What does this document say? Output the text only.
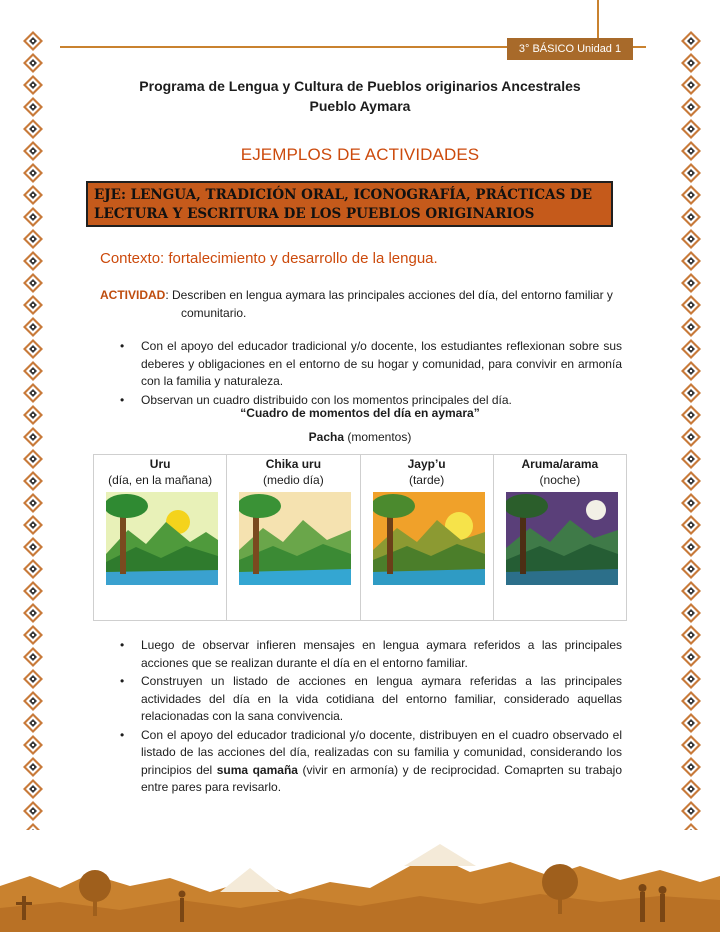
3° BÁSICO Unidad 1
Programa de Lengua y Cultura de Pueblos originarios Ancestrales
Pueblo Aymara
EJEMPLOS DE ACTIVIDADES
EJE: LENGUA, TRADICIÓN ORAL, ICONOGRAFÍA, PRÁCTICAS DE
LECTURA Y ESCRITURA DE LOS PUEBLOS ORIGINARIOS
Contexto: fortalecimiento y desarrollo de la lengua.
ACTIVIDAD: Describen en lengua aymara las principales acciones del día, del entorno familiar y
comunitario.
• Con el apoyo del educador tradicional y/o docente, los estudiantes reflexionan sobre sus deberes y obligaciones en el entorno de su hogar y comunidad, para convivir en armonía con la familia y naturaleza.
• Observan un cuadro distribuido con los momentos principales del día.
“Cuadro de momentos del día en aymara”
Pacha (momentos)
Uru
(día, en la mañana)
Chika uru
(medio día)
Jayp’u
(tarde)
Aruma/arama
(noche)
• Luego de observar infieren mensajes en lengua aymara referidos a las principales acciones que se realizan durante el día en el entorno familiar.
• Construyen un listado de acciones en lengua aymara referidas a las principales actividades del día en la vida cotidiana del entorno familiar, considerado aquellas relacionadas con la sana convivencia.
• Con el apoyo del educador tradicional y/o docente, distribuyen en el cuadro observado el listado de las acciones del día, realizadas con su familia y comunidad, considerando los principios del suma qamaña (vivir en armonía) y de reciprocidad. Comaprten su trabajo entre pares para revisarlo.
